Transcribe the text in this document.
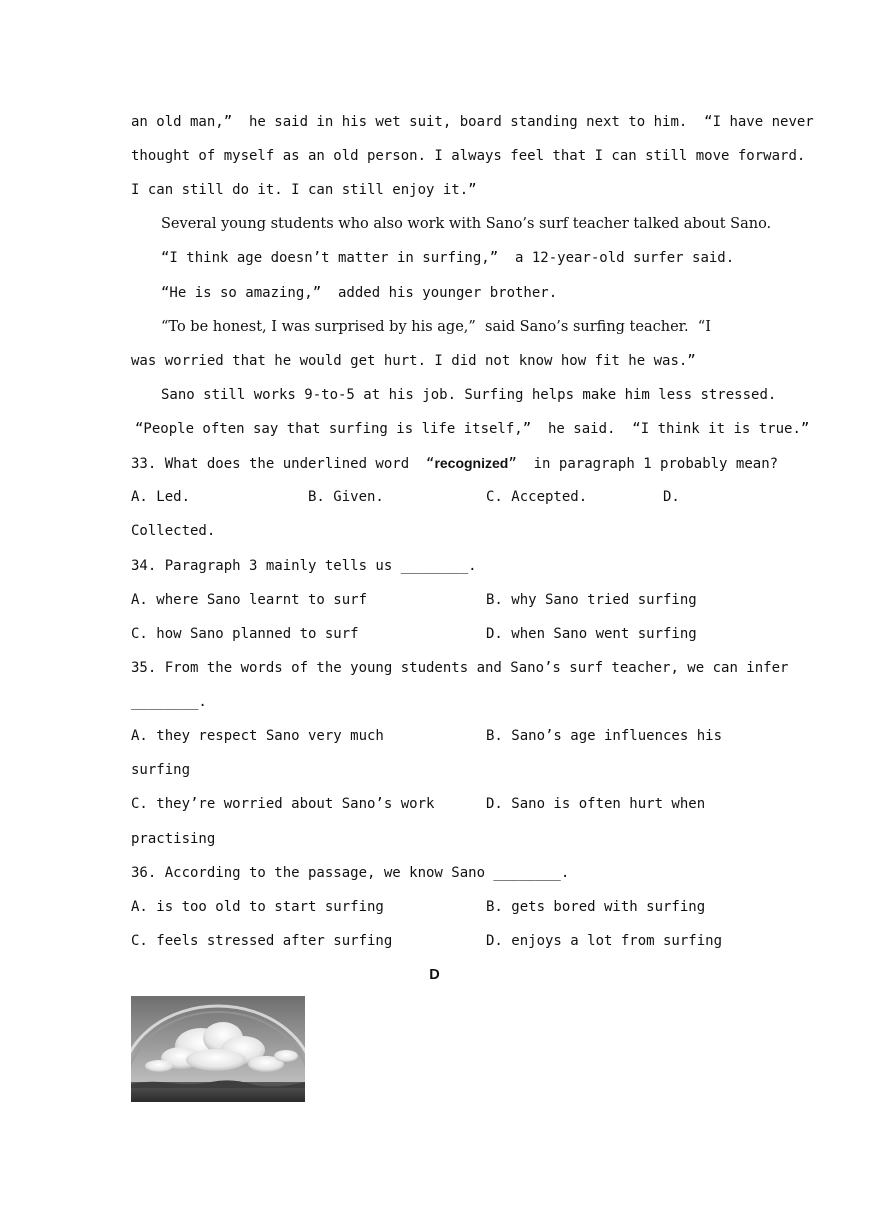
an old man,”  he said in his wet suit, board standing next to him.  “I have never
thought of myself as an old person. I always feel that I can still move forward.
I can still do it. I can still enjoy it.”
Several young students who also work with Sano’s surf teacher talked about Sano.
“I think age doesn’t matter in surfing,”  a 12-year-old surfer said.
“He is so amazing,”  added his younger brother.
“To be honest, I was surprised by his age,”  said Sano’s surfing teacher.  “I
was worried that he would get hurt. I did not know how fit he was.”
Sano still works 9-to-5 at his job. Surfing helps make him less stressed.
“People often say that surfing is life itself,”  he said.  “I think it is true.”
33. What does the underlined word  “recognized”  in paragraph 1 probably mean?
A. Led.	B. Given.	C. Accepted.	D.
Collected.
34. Paragraph 3 mainly tells us ________.
A. where Sano learnt to surf	B. why Sano tried surfing
C. how Sano planned to surf	D. when Sano went surfing
35. From the words of the young students and Sano’s surf teacher, we can infer
________.
A. they respect Sano very much	B. Sano’s age influences his
surfing
C. they’re worried about Sano’s work	D. Sano is often hurt when
practising
36. According to the passage, we know Sano ________.
A. is too old to start surfing	B. gets bored with surfing
C. feels stressed after surfing	D. enjoys a lot from surfing
D
